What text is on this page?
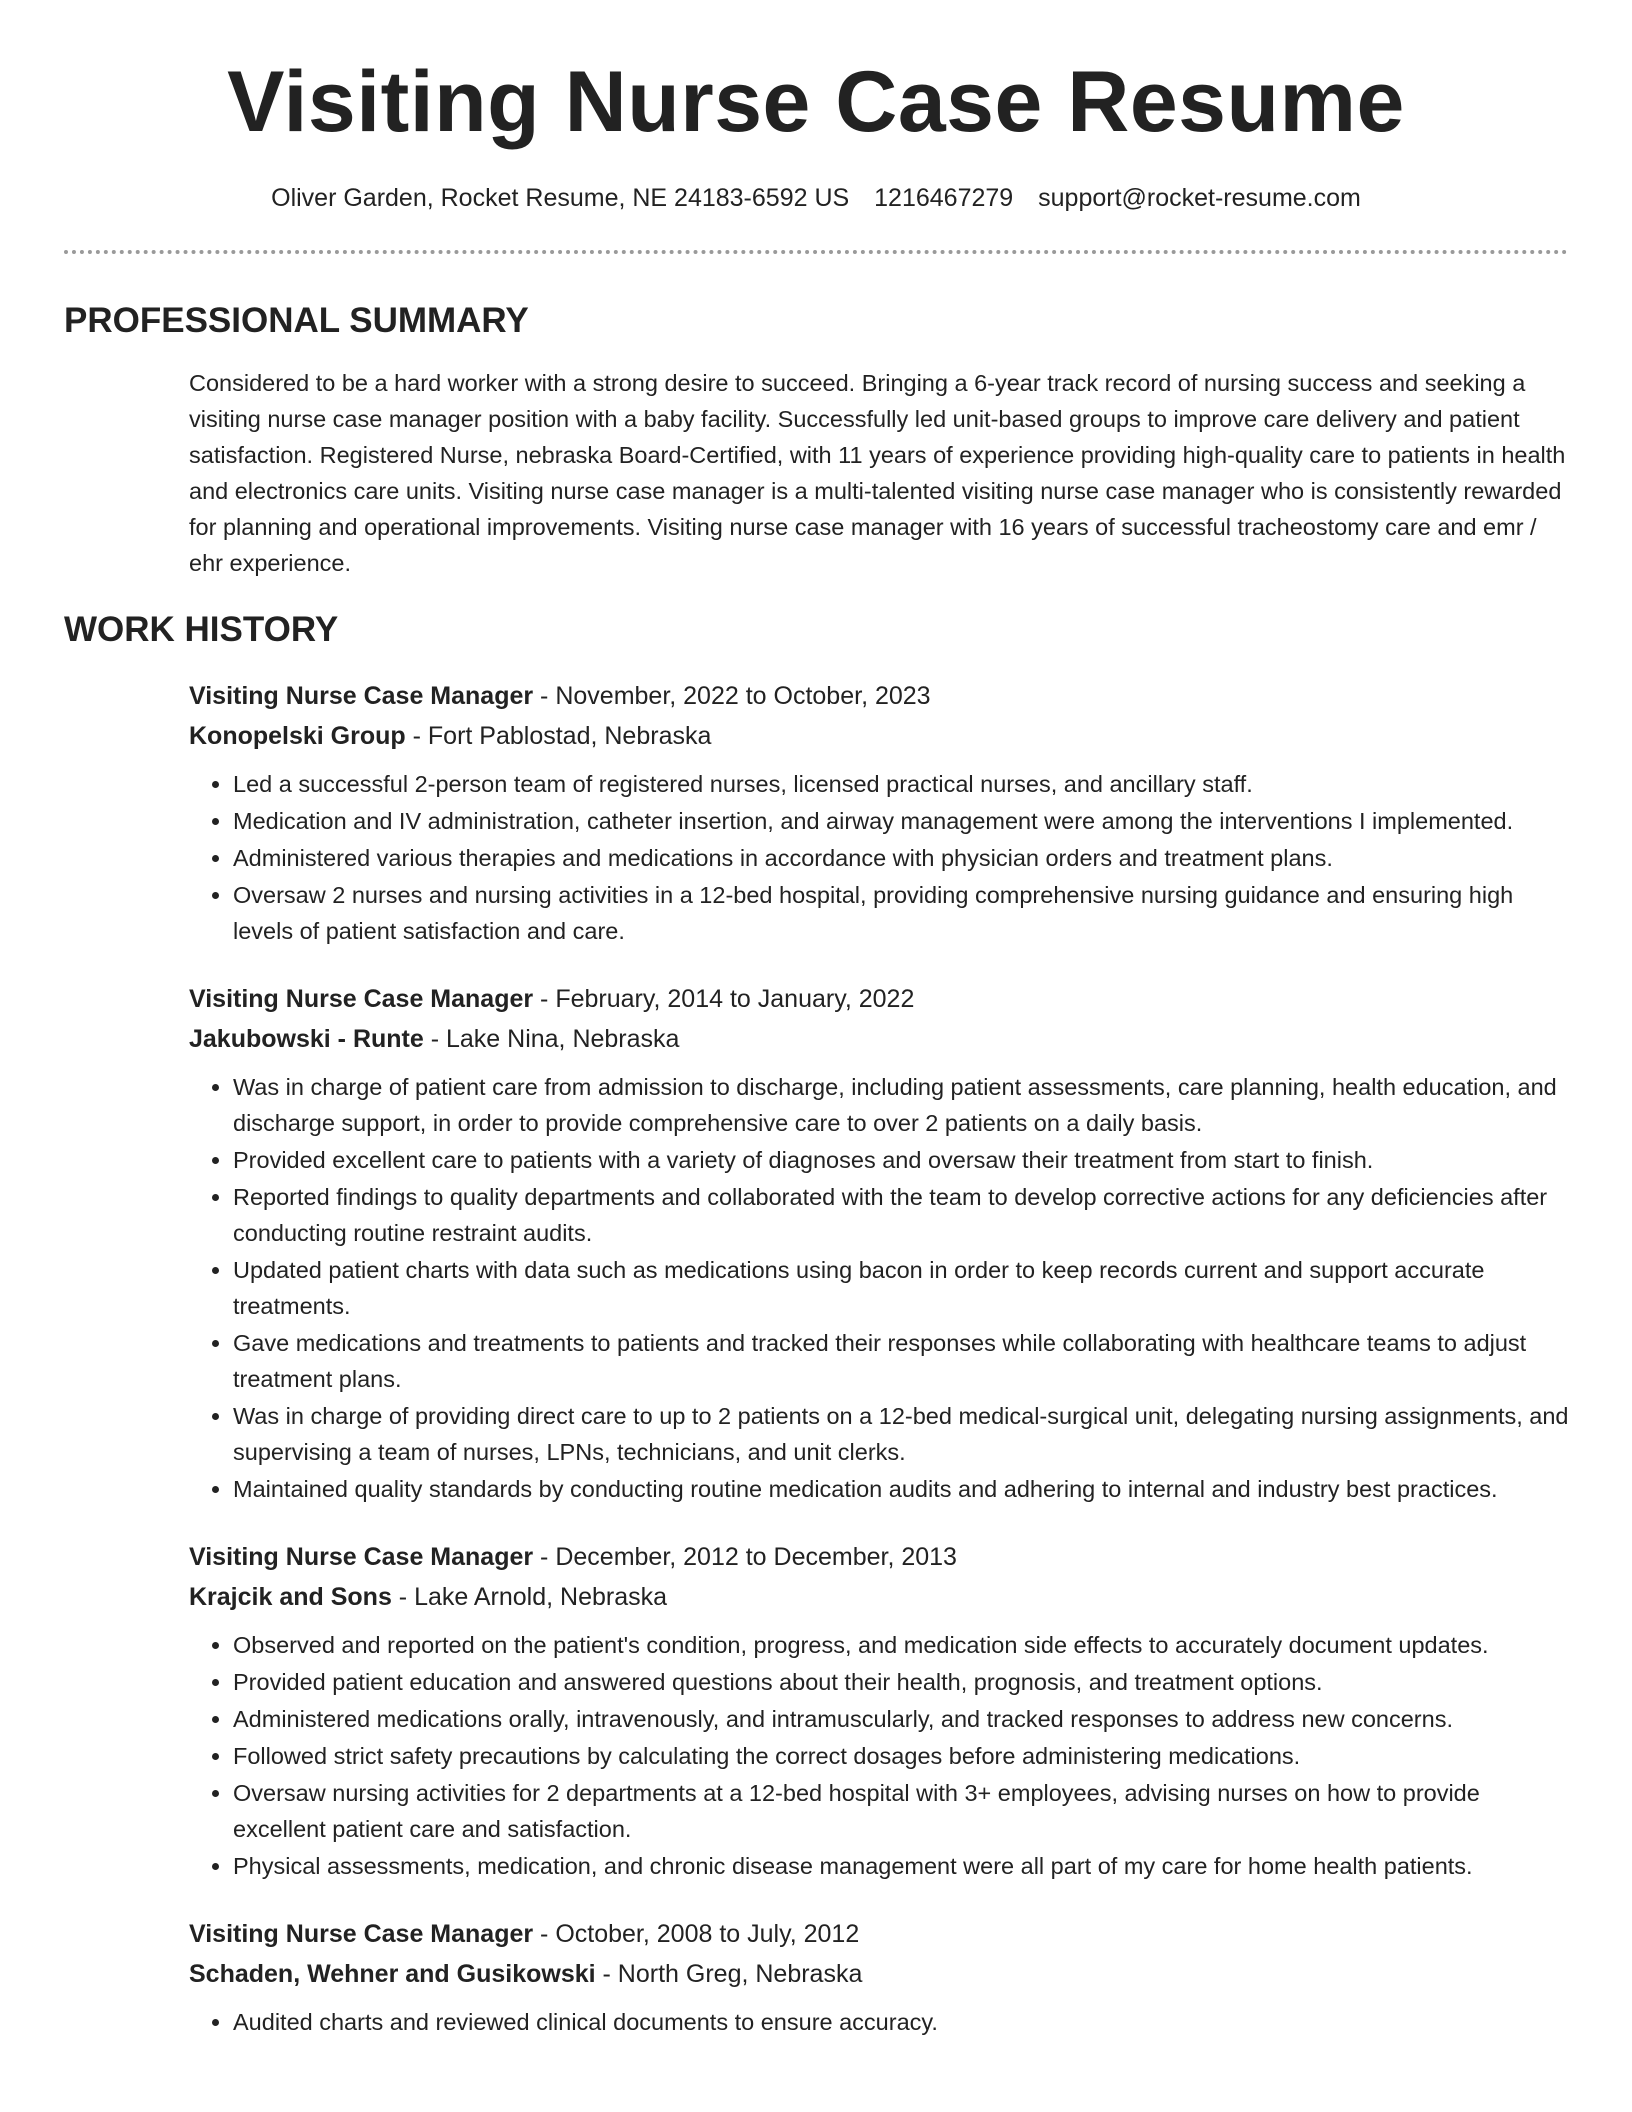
Visiting Nurse Case Resume
Oliver Garden, Rocket Resume, NE 24183-6592 US 1216467279 support@rocket-resume.com
PROFESSIONAL SUMMARY

Considered to be a hard worker with a strong desire to succeed. Bringing a 6-year track record of nursing success and seeking a visiting nurse case manager position with a baby facility. Successfully led unit-based groups to improve care delivery and patient satisfaction. Registered Nurse, nebraska Board-Certified, with 11 years of experience providing high-quality care to patients in health and electronics care units. Visiting nurse case manager is a multi-talented visiting nurse case manager who is consistently rewarded for planning and operational improvements. Visiting nurse case manager with 16 years of successful tracheostomy care and emr / ehr experience.

WORK HISTORY
Visiting Nurse Case Manager - November, 2022 to October, 2023
Konopelski Group - Fort Pablostad, Nebraska
• Led a successful 2-person team of registered nurses, licensed practical nurses, and ancillary staff.
• Medication and IV administration, catheter insertion, and airway management were among the interventions I implemented.
• Administered various therapies and medications in accordance with physician orders and treatment plans.
• Oversaw 2 nurses and nursing activities in a 12-bed hospital, providing comprehensive nursing guidance and ensuring high levels of patient satisfaction and care.
Visiting Nurse Case Manager - February, 2014 to January, 2022
Jakubowski - Runte - Lake Nina, Nebraska
• Was in charge of patient care from admission to discharge, including patient assessments, care planning, health education, and discharge support, in order to provide comprehensive care to over 2 patients on a daily basis.
• Provided excellent care to patients with a variety of diagnoses and oversaw their treatment from start to finish.
• Reported findings to quality departments and collaborated with the team to develop corrective actions for any deficiencies after conducting routine restraint audits.
• Updated patient charts with data such as medications using bacon in order to keep records current and support accurate treatments.
• Gave medications and treatments to patients and tracked their responses while collaborating with healthcare teams to adjust treatment plans.
• Was in charge of providing direct care to up to 2 patients on a 12-bed medical-surgical unit, delegating nursing assignments, and supervising a team of nurses, LPNs, technicians, and unit clerks.
• Maintained quality standards by conducting routine medication audits and adhering to internal and industry best practices.
Visiting Nurse Case Manager - December, 2012 to December, 2013
Krajcik and Sons - Lake Arnold, Nebraska
• Observed and reported on the patient's condition, progress, and medication side effects to accurately document updates.
• Provided patient education and answered questions about their health, prognosis, and treatment options.
• Administered medications orally, intravenously, and intramuscularly, and tracked responses to address new concerns.
• Followed strict safety precautions by calculating the correct dosages before administering medications.
• Oversaw nursing activities for 2 departments at a 12-bed hospital with 3+ employees, advising nurses on how to provide excellent patient care and satisfaction.
• Physical assessments, medication, and chronic disease management were all part of my care for home health patients.
Visiting Nurse Case Manager - October, 2008 to July, 2012
Schaden, Wehner and Gusikowski - North Greg, Nebraska
• Audited charts and reviewed clinical documents to ensure accuracy.
